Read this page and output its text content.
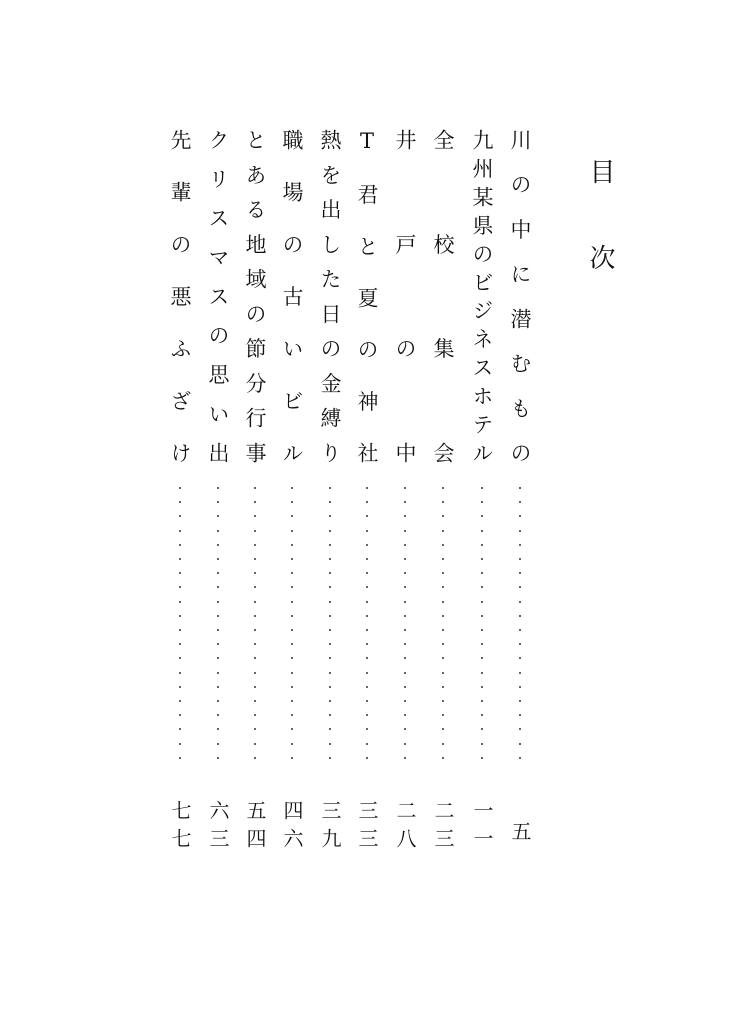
目次
川の中に潜むもの
五
九州某県のビジネスホテル
一一
全校集会
二三
井戸の中
二八
T君と夏の神社
三三
熱を出した日の金縛り
三九
職場の古いビル
四六
とある地域の節分行事
五四
クリスマスの思い出
六三
先輩の悪ふざけ
七七
